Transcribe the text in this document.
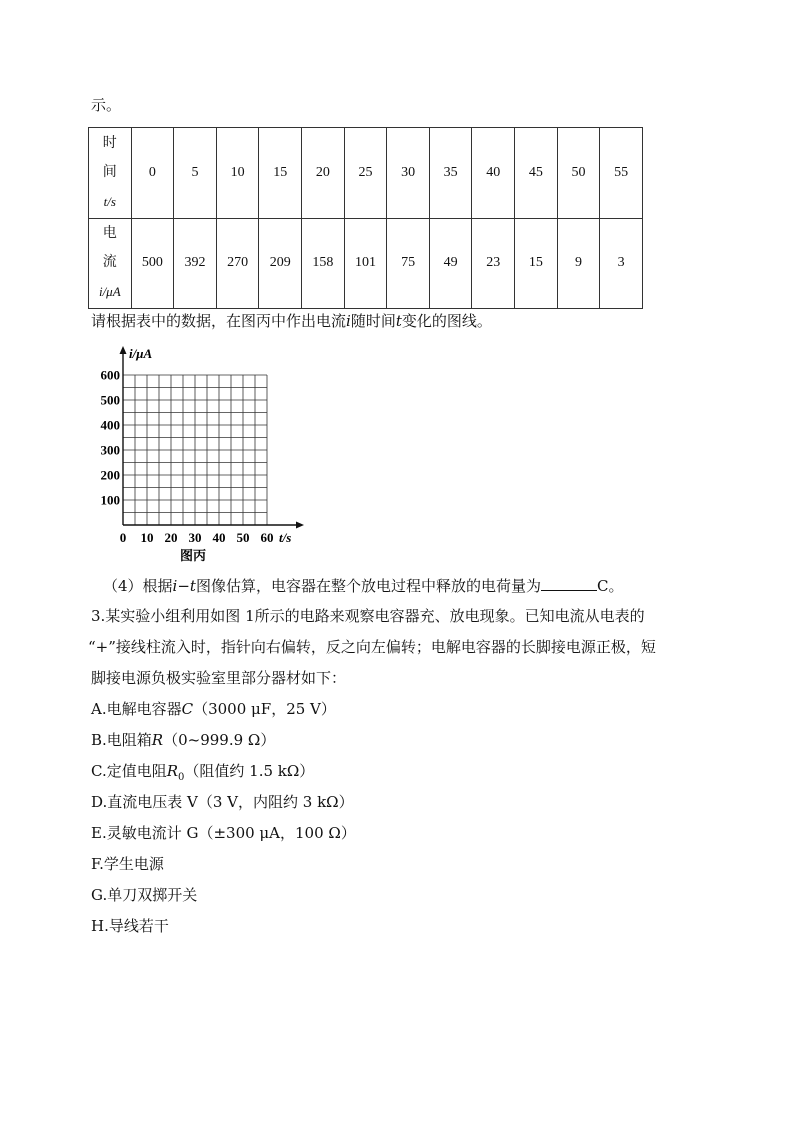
示。
时
间
t/s	0	5	10	15	20	25	30	35	40	45	50	55
电
流
i/μA	500	392	270	209	158	101	75	49	23	15	9	3
请根据表中的数据，在图丙中作出电流i随时间t变化的图线。
100
200
300
400
500
600
0 10 20 30 40 50 60
i/μA
t/s
图丙
（4）根据i−t图像估算，电容器在整个放电过程中释放的电荷量为	C。
3.某实验小组利用如图 1所示的电路来观察电容器充、放电现象。已知电流从电表的
“+”接线柱流入时，指针向右偏转，反之向左偏转；电解电容器的长脚接电源正极，短
脚接电源负极实验室里部分器材如下：
A.电解电容器C（3000 μF，25 V）
B.电阻箱R（0~999.9 Ω）
C.定值电阻$R_0$（阻值约 1.5 kΩ）
D.直流电压表 V（3 V，内阻约 3 kΩ）
E.灵敏电流计 G（±300 μA，100 Ω）
F.学生电源
G.单刀双掷开关
H.导线若干
